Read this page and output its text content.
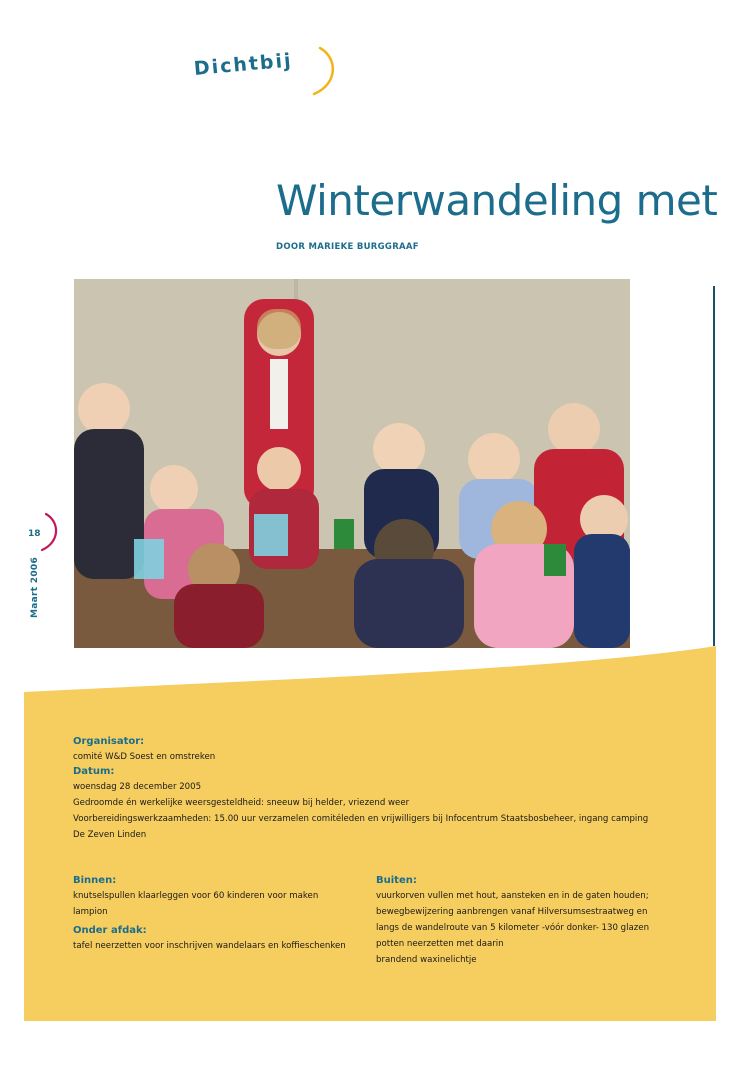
Dichtbij
Winterwandeling met
DOOR MARIEKE BURGGRAAF
18
Maart 2006
Organisator:
comité W&D Soest en omstreken
Datum:
woensdag 28 december 2005
Gedroomde én werkelijke weersgesteldheid: sneeuw bij helder, vriezend weer
Voorbereidingswerkzaamheden: 15.00 uur verzamelen comitéleden en vrijwilligers bij Infocentrum Staatsbosbeheer, ingang camping
De Zeven Linden
Binnen:
knutselspullen klaarleggen voor 60 kinderen voor maken
lampion
Onder afdak:
tafel neerzetten voor inschrijven wandelaars en koffieschenken
Buiten:
vuurkorven vullen met hout, aansteken en in de gaten houden;
bewegbewijzering aanbrengen vanaf Hilversumsestraatweg en
langs de wandelroute van 5 kilometer -vóór donker- 130 glazen
potten neerzetten met daarin
brandend waxinelichtje
